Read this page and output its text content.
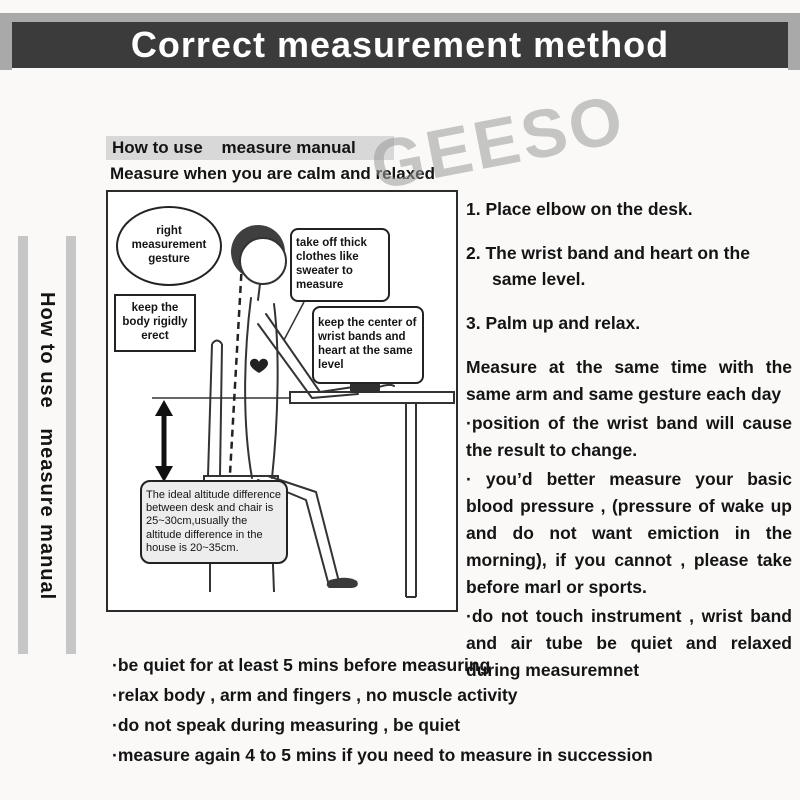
Correct measurement method
How to use   measure manual
How to use    measure manual
Measure when you are calm and relaxed
right measurement gesture
keep the body rigidly erect
take off thick clothes like sweater to measure
keep the center of wrist bands and heart at the same level
The ideal altitude difference between desk and chair is 25~30cm,usually the altitude difference in the house is 20~35cm.
GEESO
1. Place elbow on the desk.
2. The wrist band and heart on the same level.
3. Palm up and relax.

Measure at the same time with the same arm and same gesture each day

·position of the wrist band will cause the result to change.

· you’d better measure your basic blood pressure , (pressure of wake up and do not want emiction in the morning), if you cannot , please take before marl or sports.

·do not touch instrument , wrist band and air tube be quiet and relaxed during measuremnet

·be quiet for at least 5 mins before measuring
·relax body , arm and fingers , no muscle activity
·do not speak during measuring , be quiet
·measure again 4 to 5 mins if you need to measure in succession
